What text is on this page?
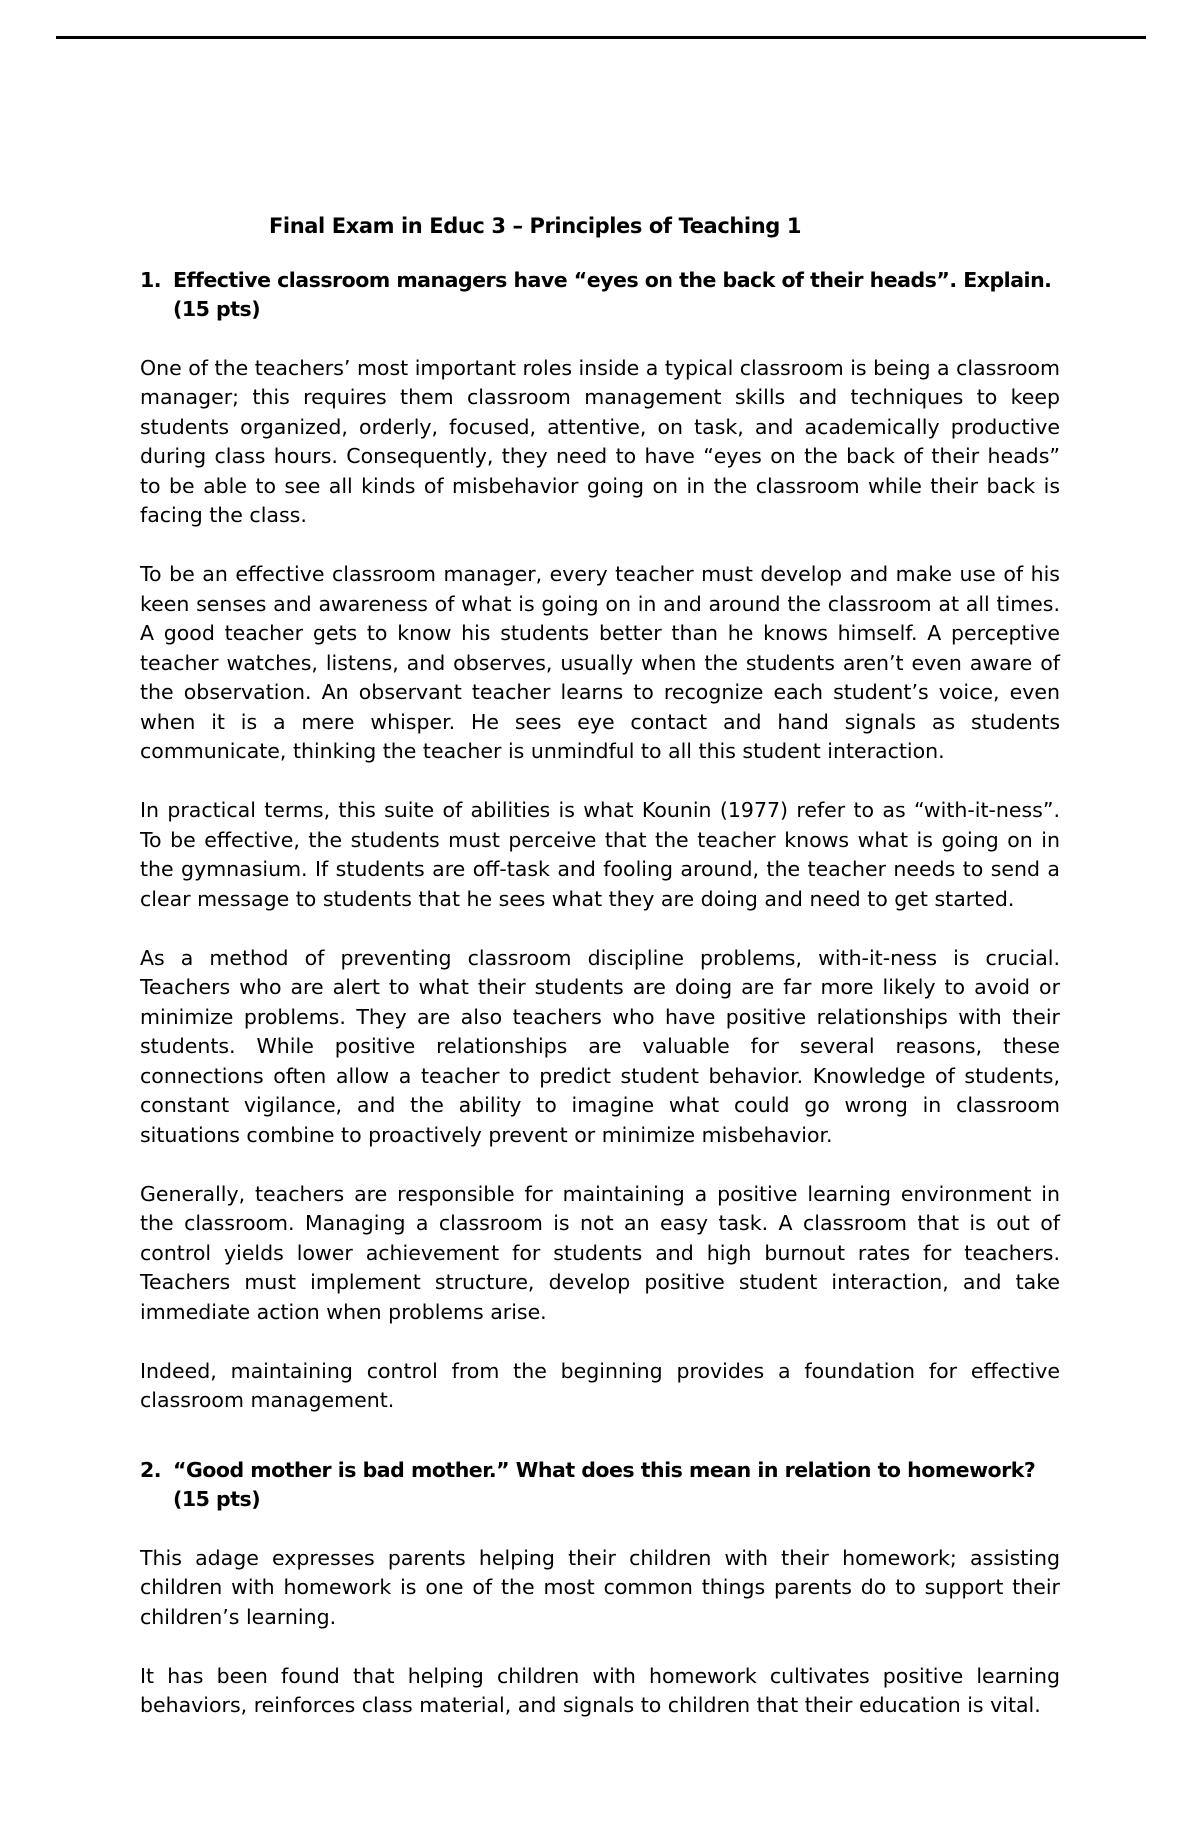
Final Exam in Educ 3 – Principles of Teaching 1
1. Effective classroom managers have “eyes on the back of their heads”. Explain. (15 pts)

One of the teachers’ most important roles inside a typical classroom is being a classroom manager; this requires them classroom management skills and techniques to keep students organized, orderly, focused, attentive, on task, and academically productive during class hours. Consequently, they need to have “eyes on the back of their heads” to be able to see all kinds of misbehavior going on in the classroom while their back is facing the class.

To be an effective classroom manager, every teacher must develop and make use of his keen senses and awareness of what is going on in and around the classroom at all times. A good teacher gets to know his students better than he knows himself. A perceptive teacher watches, listens, and observes, usually when the students aren’t even aware of the observation. An observant teacher learns to recognize each student’s voice, even when it is a mere whisper. He sees eye contact and hand signals as students communicate, thinking the teacher is unmindful to all this student interaction.

In practical terms, this suite of abilities is what Kounin (1977) refer to as “with-it-ness”. To be effective, the students must perceive that the teacher knows what is going on in the gymnasium. If students are off-task and fooling around, the teacher needs to send a clear message to students that he sees what they are doing and need to get started.

As a method of preventing classroom discipline problems, with-it-ness is crucial. Teachers who are alert to what their students are doing are far more likely to avoid or minimize problems. They are also teachers who have positive relationships with their students. While positive relationships are valuable for several reasons, these connections often allow a teacher to predict student behavior. Knowledge of students, constant vigilance, and the ability to imagine what could go wrong in classroom situations combine to proactively prevent or minimize misbehavior.

Generally, teachers are responsible for maintaining a positive learning environment in the classroom. Managing a classroom is not an easy task. A classroom that is out of control yields lower achievement for students and high burnout rates for teachers. Teachers must implement structure, develop positive student interaction, and take immediate action when problems arise.

Indeed, maintaining control from the beginning provides a foundation for effective classroom management.

2. “Good mother is bad mother.” What does this mean in relation to homework? (15 pts)

This adage expresses parents helping their children with their homework; assisting children with homework is one of the most common things parents do to support their children’s learning.

It has been found that helping children with homework cultivates positive learning behaviors, reinforces class material, and signals to children that their education is vital.
